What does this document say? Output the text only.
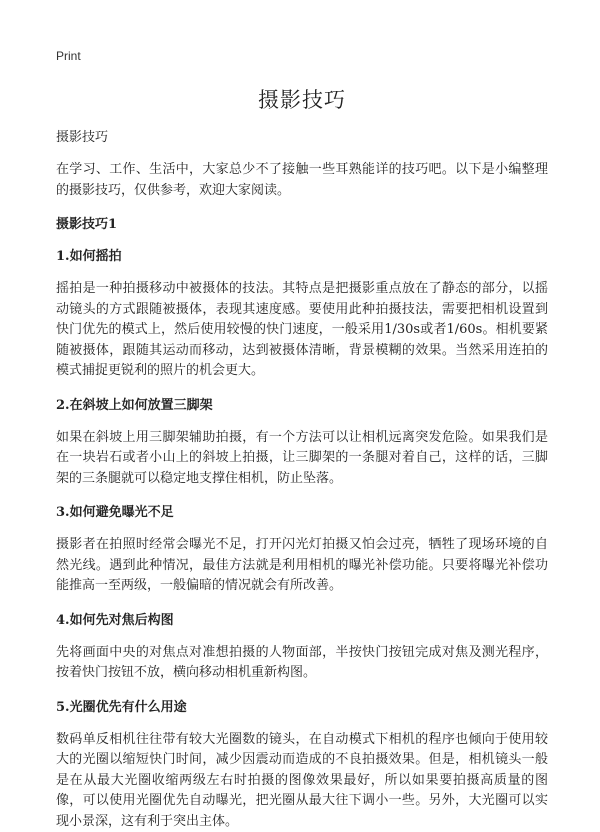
Print
摄影技巧
摄影技巧
在学习、工作、生活中，大家总少不了接触一些耳熟能详的技巧吧。以下是小编整理的摄影技巧，仅供参考，欢迎大家阅读。
摄影技巧1
1.如何摇拍
摇拍是一种拍摄移动中被摄体的技法。其特点是把摄影重点放在了静态的部分，以摇动镜头的方式跟随被摄体，表现其速度感。要使用此种拍摄技法，需要把相机设置到快门优先的模式上，然后使用较慢的快门速度，一般采用1/30s或者1/60s。相机要紧随被摄体，跟随其运动而移动，达到被摄体清晰，背景模糊的效果。当然采用连拍的模式捕捉更锐利的照片的机会更大。
2.在斜坡上如何放置三脚架
如果在斜坡上用三脚架辅助拍摄，有一个方法可以让相机远离突发危险。如果我们是在一块岩石或者小山上的斜坡上拍摄，让三脚架的一条腿对着自己，这样的话，三脚架的三条腿就可以稳定地支撑住相机，防止坠落。
3.如何避免曝光不足
摄影者在拍照时经常会曝光不足，打开闪光灯拍摄又怕会过亮，牺牲了现场环境的自然光线。遇到此种情况，最佳方法就是利用相机的曝光补偿功能。只要将曝光补偿功能推高一至两级，一般偏暗的情况就会有所改善。
4.如何先对焦后构图
先将画面中央的对焦点对准想拍摄的人物面部，半按快门按钮完成对焦及测光程序，按着快门按钮不放，横向移动相机重新构图。
5.光圈优先有什么用途
数码单反相机往往带有较大光圈数的镜头，在自动模式下相机的程序也倾向于使用较大的光圈以缩短快门时间，减少因震动而造成的不良拍摄效果。但是，相机镜头一般是在从最大光圈收缩两级左右时拍摄的图像效果最好，所以如果要拍摄高质量的图像，可以使用光圈优先自动曝光，把光圈从最大往下调小一些。另外，大光圈可以实现小景深，这有利于突出主体。
